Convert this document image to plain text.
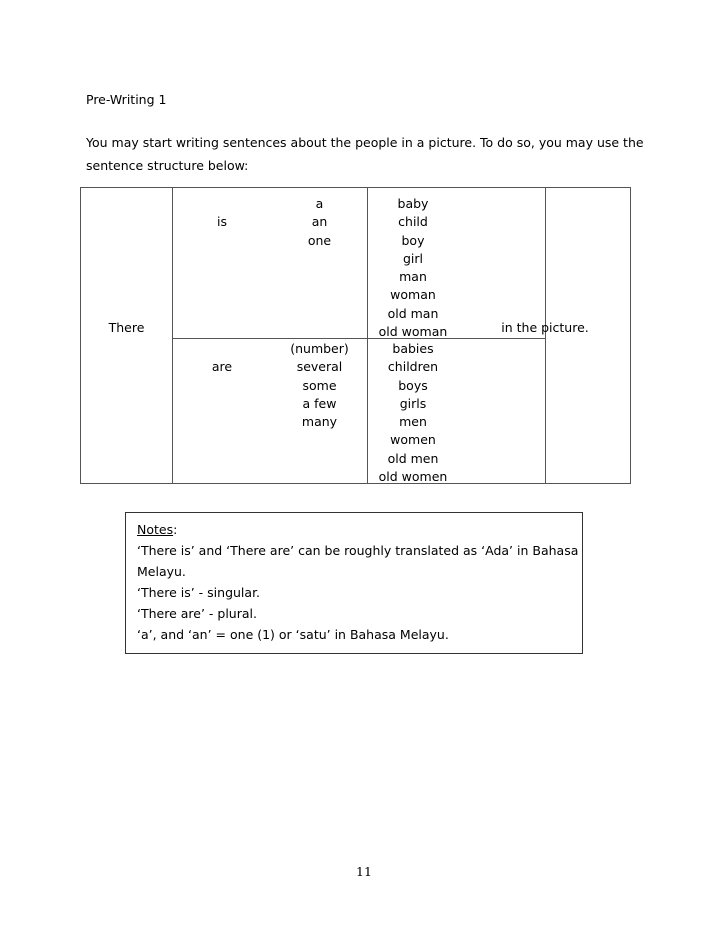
Pre-Writing 1

You may start writing sentences about the people in a picture. To do so, you may use the

sentence structure below:

There
is
a
an
one
baby
child
boy
girl
man
woman
old man
old woman
are
(number)
several
some
a few
many
babies
children
boys
girls
men
women
old men
old women
in the picture.
Notes:
‘There is’ and ‘There are’ can be roughly translated as ‘Ada’ in Bahasa
Melayu.
‘There is’ - singular.
‘There are’ - plural.
‘a’, and ‘an’ = one (1) or ‘satu’ in Bahasa Melayu.
11
